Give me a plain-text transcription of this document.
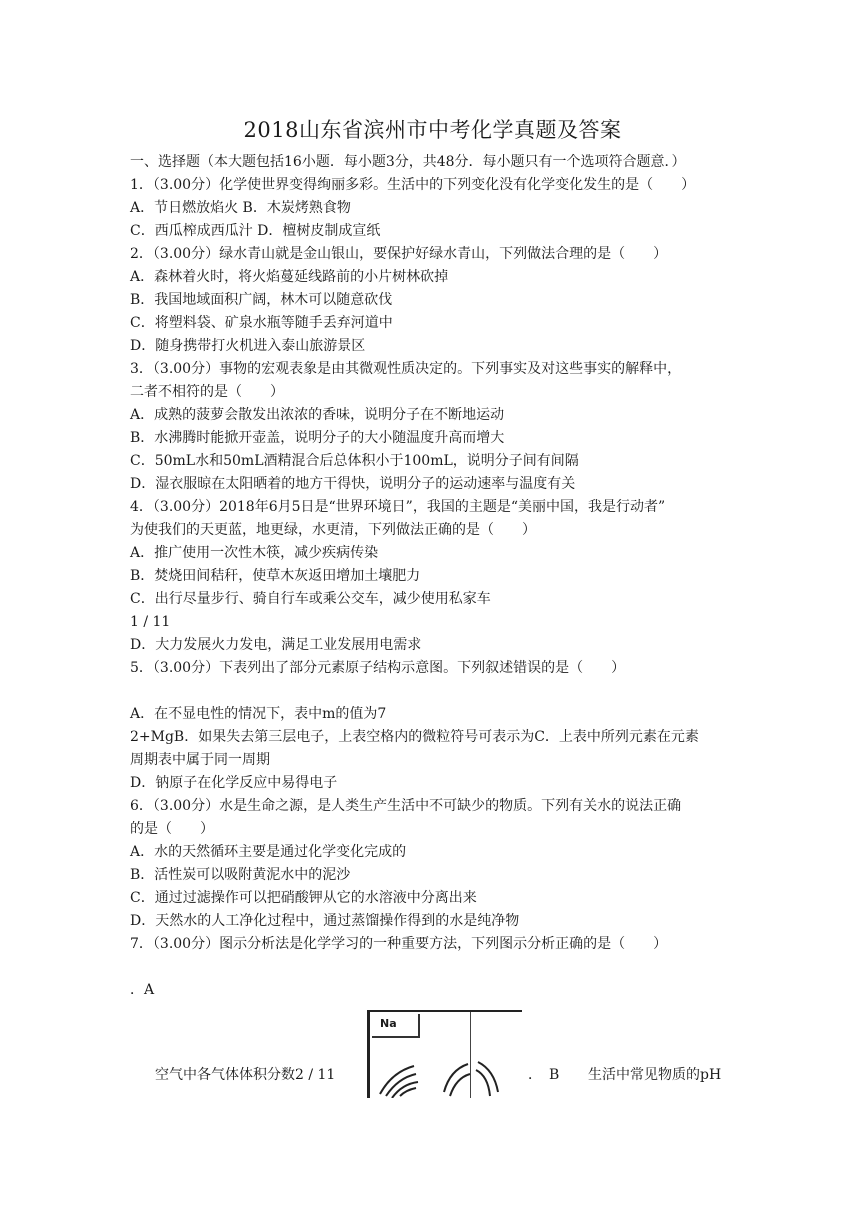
2018山东省滨州市中考化学真题及答案
一、选择题（本大题包括16小题．每小题3分，共48分．每小题只有一个选项符合题意．）
1．（3.00分）化学使世界变得绚丽多彩。生活中的下列变化没有化学变化发生的是（　　）
A．节日燃放焰火 B．木炭烤熟食物
C．西瓜榨成西瓜汁 D．檀树皮制成宣纸
2．（3.00分）绿水青山就是金山银山，要保护好绿水青山，下列做法合理的是（　　）
A．森林着火时，将火焰蔓延线路前的小片树林砍掉
B．我国地域面积广阔，林木可以随意砍伐
C．将塑料袋、矿泉水瓶等随手丢弃河道中
D．随身携带打火机进入泰山旅游景区
3．（3.00分）事物的宏观表象是由其微观性质决定的。下列事实及对这些事实的解释中，
二者不相符的是（　　）
A．成熟的菠萝会散发出浓浓的香味，说明分子在不断地运动
B．水沸腾时能掀开壶盖，说明分子的大小随温度升高而增大
C．50mL水和50mL酒精混合后总体积小于100mL，说明分子间有间隔
D．湿衣服晾在太阳晒着的地方干得快，说明分子的运动速率与温度有关
4．（3.00分）2018年6月5日是“世界环境日”，我国的主题是“美丽中国，我是行动者”
为使我们的天更蓝，地更绿，水更清，下列做法正确的是（　　）
A．推广使用一次性木筷，减少疾病传染
B．焚烧田间秸秆，使草木灰返田增加土壤肥力
C．出行尽量步行、骑自行车或乘公交车，减少使用私家车
1 / 11
D．大力发展火力发电，满足工业发展用电需求
5．（3.00分）下表列出了部分元素原子结构示意图。下列叙述错误的是（　　）
A．在不显电性的情况下，表中m的值为7
2+MgB．如果失去第三层电子，上表空格内的微粒符号可表示为C．上表中所列元素在元素
周期表中属于同一周期
D．钠原子在化学反应中易得电子
6．（3.00分）水是生命之源，是人类生产生活中不可缺少的物质。下列有关水的说法正确
的是（　　）
A．水的天然循环主要是通过化学变化完成的
B．活性炭可以吸附黄泥水中的泥沙
C．通过过滤操作可以把硝酸钾从它的水溶液中分离出来
D．天然水的人工净化过程中，通过蒸馏操作得到的水是纯净物
7．（3.00分）图示分析法是化学学习的一种重要方法，下列图示分析正确的是（　　）
．A
Na
空气中各气体体积分数2 / 11	．　B 生活中常见物质的pH
